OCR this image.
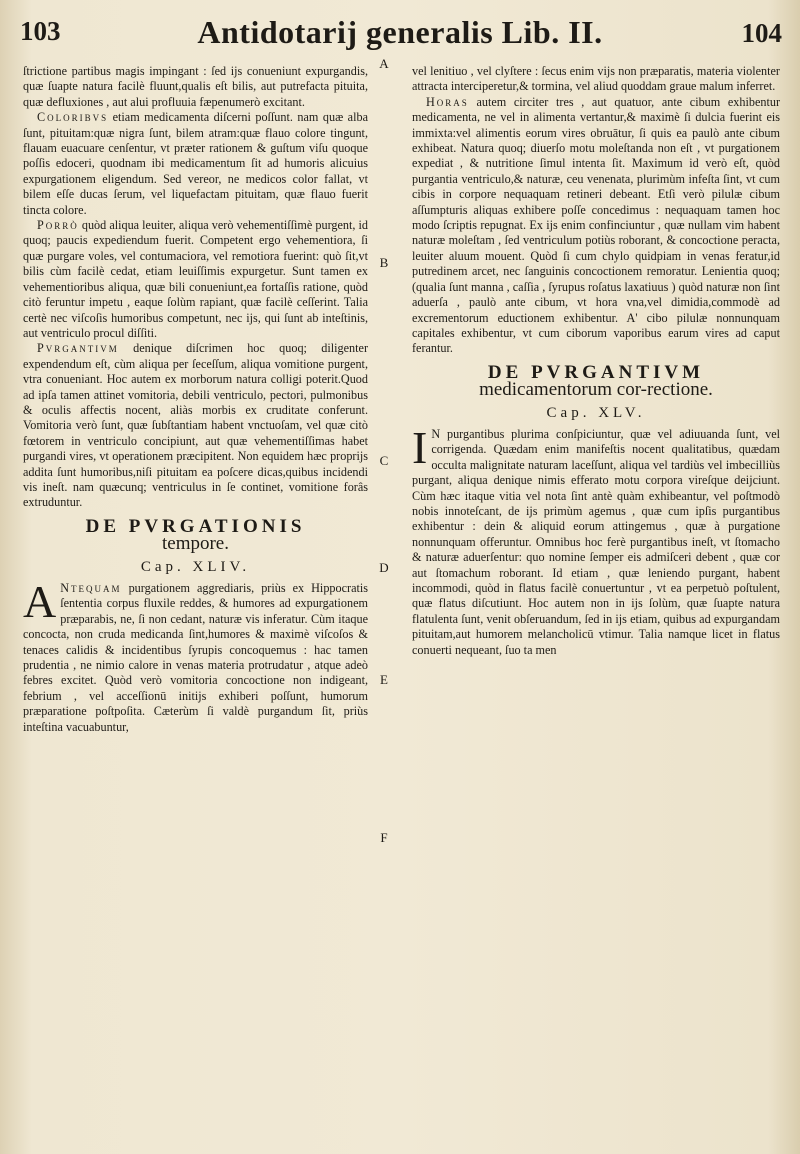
103	Antidotarij generalis Lib. II.	104
A
B
C
D
E
F

ſtrictione partibus magis impingant : ſed ijs conueniunt expurgandis, quæ ſuapte natura facilè fluunt,qualis eſt bilis, aut putrefacta pituita, quæ defluxiones , aut alui profluuia fæpenumerò excitant.

Coloribvs etiam medicamenta diſcerni poſſunt. nam quæ alba ſunt, pituitam:quæ nigra ſunt, bilem atram:quæ flauo colore tingunt, flauam euacuare cenſentur, vt præter rationem & guſtum viſu quoque poſſis edoceri, quodnam ibi medicamentum ſit ad humoris alicuius expurgationem eligendum. Sed vereor, ne medicos color fallat, vt bilem eſſe ducas ſerum, vel liquefactam pituitam, quæ flauo fuerit tincta colore.

Porrò quòd aliqua leuiter, aliqua verò vehementiſſimè purgent, id quoq; paucis expediendum fuerit. Competent ergo vehementiora, ſi quæ purgare voles, vel contumaciora, vel remotiora fuerint: quò ſit,vt bilis cùm facilè cedat, etiam leuiſſimis expurgetur. Sunt tamen ex vehementioribus aliqua, quæ bili conueniunt,ea fortaſſis ratione, quòd citò feruntur impetu , eaque ſolùm rapiant, quæ facilè ceſſerint. Talia certè nec viſcoſis humoribus competunt, nec ijs, qui ſunt ab inteſtinis, aut ventriculo procul diſſiti.

Pvrgantivm denique diſcrimen hoc quoq; diligenter expendendum eſt, cùm aliqua per ſeceſſum, aliqua vomitione purgent, vtra conueniant. Hoc autem ex morborum natura colligi poterit.Quod ad ipſa tamen attinet vomitoria, debili ventriculo, pectori, pulmonibus & oculis affectis nocent, aliàs morbis ex cruditate conferunt. Vomitoria verò ſunt, quæ ſubſtantiam habent vnctuoſam, vel quæ citò fœtorem in ventriculo concipiunt, aut quæ vehementiſſimas habet purgandi vires, vt operationem præcipitent. Non equidem hæc proprijs addita ſunt humoribus,niſi pituitam ea poſcere dicas,quibus incidendi vis ineſt. nam quæcunq; ventriculus in ſe continet, vomitione forâs extruduntur.

DE PVRGATIONIS
tempore.
Cap. XLIV.

A Ntequam purgationem aggrediaris, priùs ex Hippocratis ſententia corpus fluxile reddes, & humores ad expurgationem præparabis, ne, ſi non cedant, naturæ vis inferatur. Cùm itaque concocta, non cruda medicanda ſint,humores & maximè viſcoſos & tenaces calidis & incidentibus ſyrupis concoquemus : hac tamen prudentia , ne nimio calore in venas materia protrudatur , atque adeò febres excitet. Quòd verò vomitoria concoctione non indigeant, febrium , vel acceſſionū initijs exhiberi poſſunt, humorum præparatione poſtpoſita. Cæterùm ſi valdè purgandum ſit, priùs inteſtina vacuabuntur,

vel lenitiuo , vel clyſtere : ſecus enim vijs non præparatis, materia violenter attracta interciperetur,& tormina, vel aliud quoddam graue malum inferret.

Horas autem circiter tres , aut quatuor, ante cibum exhibentur medicamenta, ne vel in alimenta vertantur,& maximè ſi dulcia fuerint eis immixta:vel alimentis eorum vires obruātur, ſi quis ea paulò ante cibum exhibeat. Natura quoq; diuerſo motu moleſtanda non eſt , vt purgationem expediat , & nutritione ſimul intenta ſit. Maximum id verò eſt, quòd purgantia ventriculo,& naturæ, ceu venenata, plurimùm infeſta ſint, vt cum cibis in corpore nequaquam retineri debeant. Etſi verò pilulæ cibum aſſumpturis aliquas exhibere poſſe concedimus : nequaquam tamen hoc modo ſcriptis repugnat. Ex ijs enim confinciuntur , quæ nullam vim habent naturæ moleſtam , ſed ventriculum potiùs roborant, & concoctione peracta, leuiter aluum mouent. Quòd ſi cum chylo quidpiam in venas feratur,id putredinem arcet, nec ſanguinis concoctionem remoratur. Lenientia quoq;(qualia ſunt manna , caſſia , ſyrupus roſatus laxatiuus ) quòd naturæ non ſint aduerſa , paulò ante cibum, vt hora vna,vel dimidia,commodè ad excrementorum eductionem exhibentur. A' cibo pilulæ nonnunquam capitales exhibentur, vt cum ciborum vaporibus earum vires ad caput ferantur.

DE PVRGANTIVM
medicamentorum cor-rectione.
Cap. XLV.

I N purgantibus plurima conſpiciuntur, quæ vel adiuuanda ſunt, vel corrigenda. Quædam enim manifeſtis nocent qualitatibus, quædam occulta malignitate naturam laceſſunt, aliqua vel tardiùs vel imbecilliùs purgant, aliqua denique nimis efferato motu corpora vireſque deijciunt. Cùm hæc itaque vitia vel nota ſint antè quàm exhibeantur, vel poſtmodò nobis innoteſcant, de ijs primùm agemus , quæ cum ipſis purgantibus exhibentur : dein & aliquid eorum attingemus , quæ à purgatione nonnunquam offeruntur. Omnibus hoc ferè purgantibus ineſt, vt ſtomacho & naturæ aduerſentur: quo nomine ſemper eis admiſceri debent , quæ cor aut ſtomachum roborant. Id etiam , quæ leniendo purgant, habent incommodi, quòd in flatus facilè conuertuntur , vt ea perpetuò poſtulent, quæ flatus diſcutiunt. Hoc autem non in ijs ſolùm, quæ ſuapte natura flatulenta ſunt, venit obſeruandum, ſed in ijs etiam, quibus ad expurgandam pituitam,aut humorem melancholicū vtimur. Talia namque licet in flatus conuerti nequeant, ſuo ta men
